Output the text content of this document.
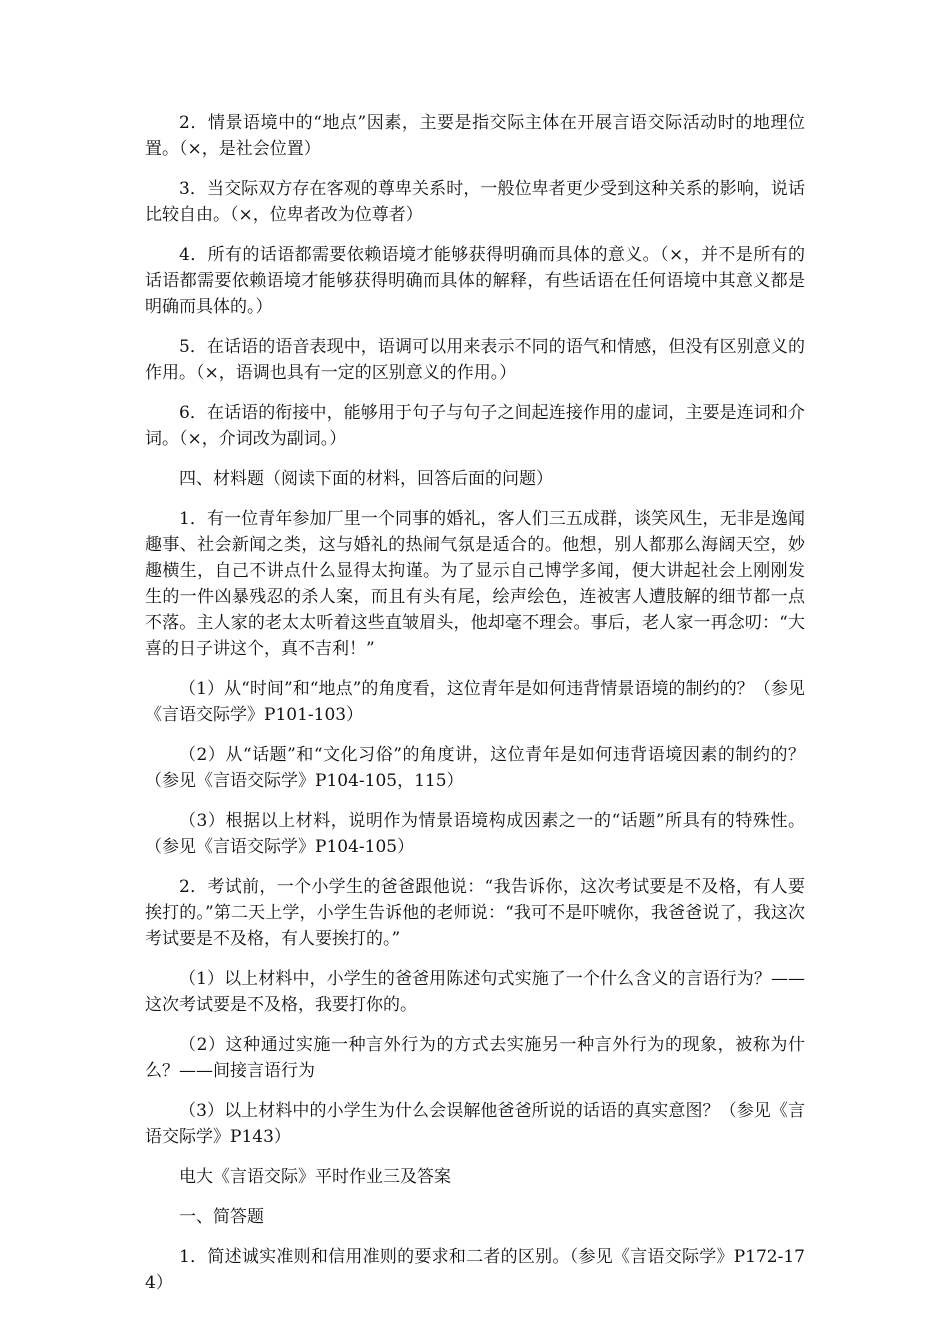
2．情景语境中的“地点”因素，主要是指交际主体在开展言语交际活动时的地理位置。（×，是社会位置）

3．当交际双方存在客观的尊卑关系时，一般位卑者更少受到这种关系的影响，说话比较自由。（×，位卑者改为位尊者）

4．所有的话语都需要依赖语境才能够获得明确而具体的意义。（×，并不是所有的话语都需要依赖语境才能够获得明确而具体的解释，有些话语在任何语境中其意义都是明确而具体的。）

5．在话语的语音表现中，语调可以用来表示不同的语气和情感，但没有区别意义的作用。（×，语调也具有一定的区别意义的作用。）

6．在话语的衔接中，能够用于句子与句子之间起连接作用的虚词，主要是连词和介词。（×，介词改为副词。）

四、材料题（阅读下面的材料，回答后面的问题）

1．有一位青年参加厂里一个同事的婚礼，客人们三五成群，谈笑风生，无非是逸闻趣事、社会新闻之类，这与婚礼的热闹气氛是适合的。他想，别人都那么海阔天空，妙趣横生，自己不讲点什么显得太拘谨。为了显示自己博学多闻，便大讲起社会上刚刚发生的一件凶暴残忍的杀人案，而且有头有尾，绘声绘色，连被害人遭肢解的细节都一点不落。主人家的老太太听着这些直皱眉头，他却毫不理会。事后，老人家一再念叨：“大喜的日子讲这个，真不吉利！”

（1）从“时间”和“地点”的角度看，这位青年是如何违背情景语境的制约的？（参见《言语交际学》P101-103）

（2）从“话题”和“文化习俗”的角度讲，这位青年是如何违背语境因素的制约的？（参见《言语交际学》P104-105，115）

（3）根据以上材料，说明作为情景语境构成因素之一的“话题”所具有的特殊性。（参见《言语交际学》P104-105）

2．考试前，一个小学生的爸爸跟他说：“我告诉你，这次考试要是不及格，有人要挨打的。”第二天上学，小学生告诉他的老师说：“我可不是吓唬你，我爸爸说了，我这次考试要是不及格，有人要挨打的。”

（1）以上材料中，小学生的爸爸用陈述句式实施了一个什么含义的言语行为？——这次考试要是不及格，我要打你的。

（2）这种通过实施一种言外行为的方式去实施另一种言外行为的现象，被称为什么？——间接言语行为

（3）以上材料中的小学生为什么会误解他爸爸所说的话语的真实意图？（参见《言语交际学》P143）

电大《言语交际》平时作业三及答案

一、简答题

1．简述诚实准则和信用准则的要求和二者的区别。（参见《言语交际学》P172-174）
